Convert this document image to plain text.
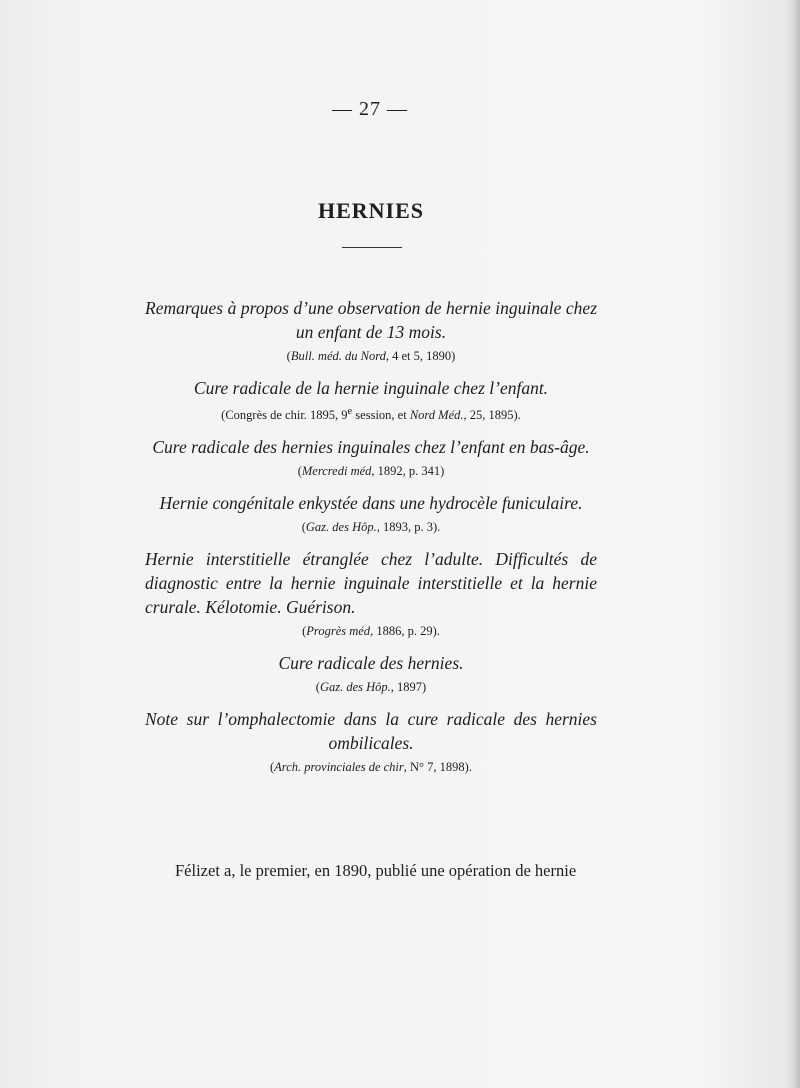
— 27 —
HERNIES

Remarques à propos d’une observation de hernie inguinale chez un enfant de 13 mois.

(Bull. méd. du Nord, 4 et 5, 1890)

Cure radicale de la hernie inguinale chez l’enfant.

(Congrès de chir. 1895, 9e session, et Nord Méd., 25, 1895).

Cure radicale des hernies inguinales chez l’enfant en bas-âge.

(Mercredi méd, 1892, p. 341)

Hernie congénitale enkystée dans une hydrocèle funiculaire.

(Gaz. des Hôp., 1893, p. 3).

Hernie interstitielle étranglée chez l’adulte. Difficultés de diagnostic entre la hernie inguinale interstitielle et la hernie crurale. Kélotomie. Guérison.

(Progrès méd, 1886, p. 29).

Cure radicale des hernies.

(Gaz. des Hôp., 1897)

Note sur l’omphalectomie dans la cure radicale des hernies ombilicales.

(Arch. provinciales de chir, N° 7, 1898).
Félizet a, le premier, en 1890, publié une opération de hernie
